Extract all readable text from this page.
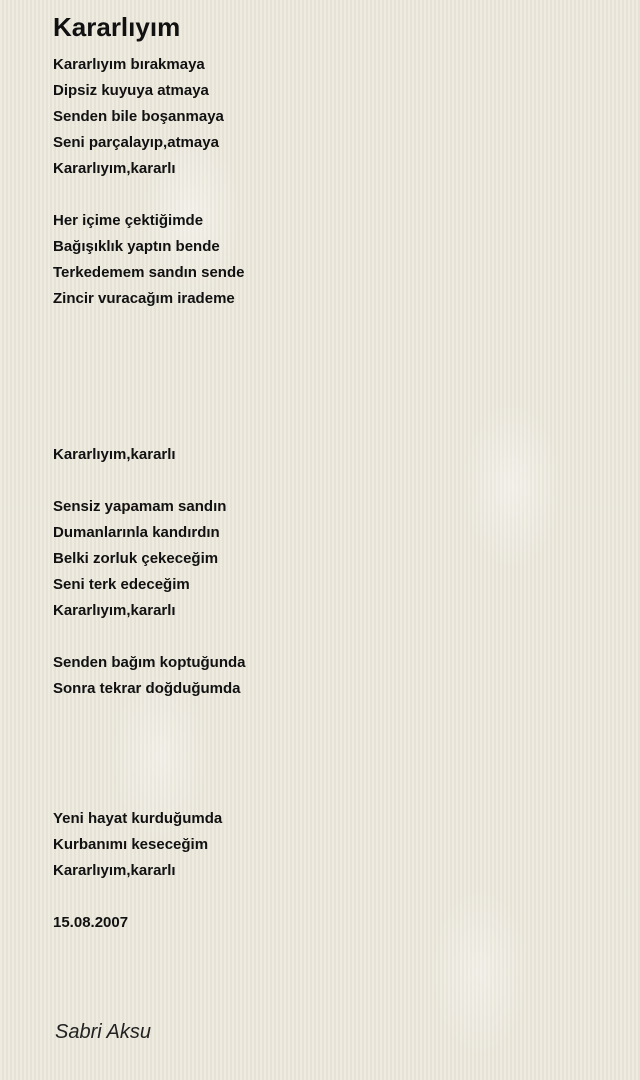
Kararlıyım
Kararlıyım bırakmaya
Dipsiz kuyuya atmaya
Senden bile boşanmaya
Seni parçalayıp,atmaya
Kararlıyım,kararlı
Her içime çektiğimde
Bağışıklık yaptın bende
Terkedemem sandın sende
Zincir vuracağım irademe
Kararlıyım,kararlı
Sensiz yapamam sandın
Dumanlarınla kandırdın
Belki zorluk çekeceğim
Seni terk edeceğim
Kararlıyım,kararlı
Senden bağım koptuğunda
Sonra tekrar doğduğumda
Yeni hayat kurduğumda
Kurbanımı keseceğim
Kararlıyım,kararlı
15.08.2007
Sabri Aksu
